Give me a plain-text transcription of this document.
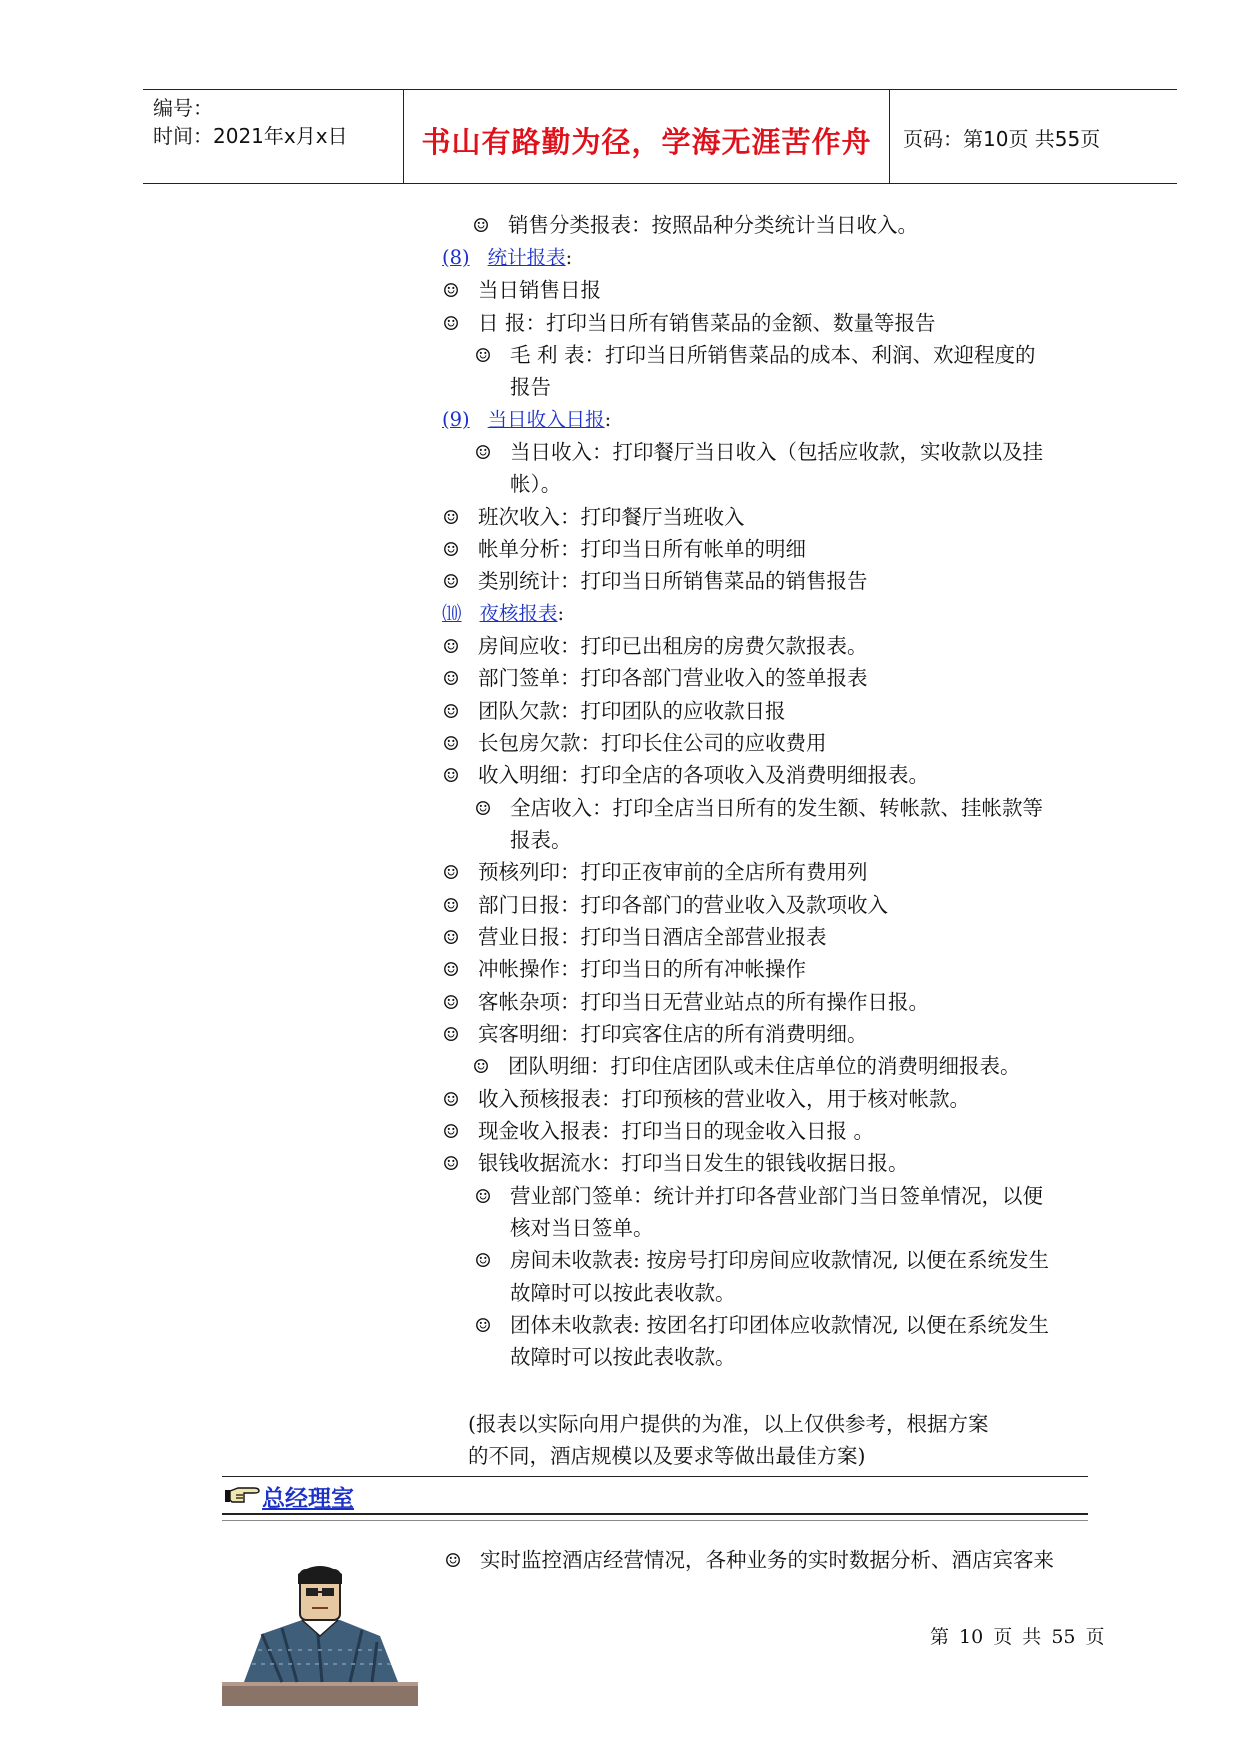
编号：
时间：2021年x月x日	书山有路勤为径，学海无涯苦作舟	页码：第10页 共55页
☺ 销售分类报表：按照品种分类统计当日收入。
(8) 统计报表:
☺ 当日销售日报
☺ 日 报：打印当日所有销售菜品的金额、数量等报告
☺ 毛 利 表：打印当日所销售菜品的成本、利润、欢迎程度的
报告
(9) 当日收入日报:
☺ 当日收入：打印餐厅当日收入（包括应收款，实收款以及挂
帐）。
☺ 班次收入：打印餐厅当班收入
☺ 帐单分析：打印当日所有帐单的明细
☺ 类别统计：打印当日所销售菜品的销售报告
⑽ 夜核报表:
☺ 房间应收：打印已出租房的房费欠款报表。
☺ 部门签单：打印各部门营业收入的签单报表
☺ 团队欠款：打印团队的应收款日报
☺ 长包房欠款：打印长住公司的应收费用
☺ 收入明细：打印全店的各项收入及消费明细报表。
☺ 全店收入：打印全店当日所有的发生额、转帐款、挂帐款等
报表。
☺ 预核列印：打印正夜审前的全店所有费用列
☺ 部门日报：打印各部门的营业收入及款项收入
☺ 营业日报：打印当日酒店全部营业报表
☺ 冲帐操作：打印当日的所有冲帐操作
☺ 客帐杂项：打印当日无营业站点的所有操作日报。
☺ 宾客明细：打印宾客住店的所有消费明细。
☺ 团队明细：打印住店团队或未住店单位的消费明细报表。
☺ 收入预核报表：打印预核的营业收入，用于核对帐款。
☺ 现金收入报表：打印当日的现金收入日报 。
☺ 银钱收据流水：打印当日发生的银钱收据日报。
☺ 营业部门签单：统计并打印各营业部门当日签单情况，以便
核对当日签单。
☺ 房间未收款表: 按房号打印房间应收款情况, 以便在系统发生
故障时可以按此表收款。
☺ 团体未收款表: 按团名打印团体应收款情况, 以便在系统发生
故障时可以按此表收款。
(报表以实际向用户提供的为准，以上仅供参考，根据方案
的不同，酒店规模以及要求等做出最佳方案)
总经理室
☺ 实时监控酒店经营情况，各种业务的实时数据分析、酒店宾客来
第 10 页 共 55 页
